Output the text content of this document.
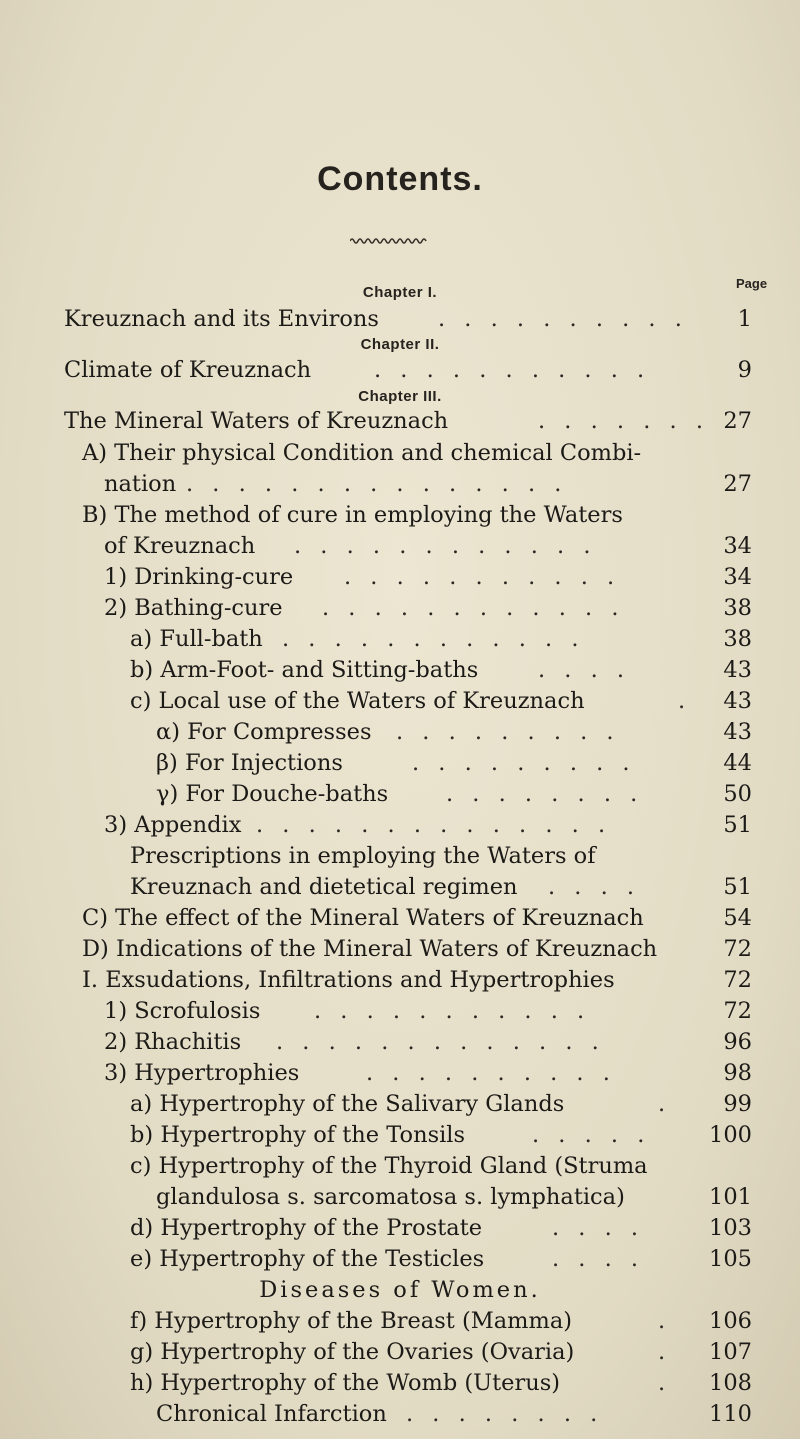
Contents.
Page
Chapter I.
Kreuznach and its Environs	. . . . . . . . . .	1
Chapter II.
Climate of Kreuznach	. . . . . . . . . . .	9
Chapter III.
The Mineral Waters of Kreuznach	. . . . . . . 27
A) Their physical Condition and chemical Combi-
nation . . . . . . . . . . . . . . .	27
B) The method of cure in employing the Waters
of Kreuznach . . . . . . . . . . . .	34
1) Drinking-cure . . . . . . . . . . .	34
2) Bathing-cure . . . . . . . . . . . .	38
a) Full-bath . . . . . . . . . . . .	38
b) Arm-Foot- and Sitting-baths	. . . .	43
c) Local use of the Waters of Kreuznach	.	43
α) For Compresses . . . . . . . . .	43
β) For Injections	. . . . . . . . .	44
γ) For Douche-baths	. . . . . . . .	50
3) Appendix . . . . . . . . . . . . . .	51
Prescriptions in employing the Waters of
Kreuznach and dietetical regimen . . . .	51
C) The effect of the Mineral Waters of Kreuznach	54
D) Indications of the Mineral Waters of Kreuznach	72
I. Exsudations, Infiltrations and Hypertrophies	72
1) Scrofulosis . . . . . . . . . . .	72
2) Rhachitis . . . . . . . . . . . . .	96
3) Hypertrophies	. . . . . . . . . .	98
a) Hypertrophy of the Salivary Glands	.	99
b) Hypertrophy of the Tonsils	. . . . .	100
c) Hypertrophy of the Thyroid Gland (Struma
glandulosa s. sarcomatosa s. lymphatica)	101
d) Hypertrophy of the Prostate	. . . .	103
e) Hypertrophy of the Testicles	. . . .	105
Diseases of Women.
f) Hypertrophy of the Breast (Mamma)	.	106
g) Hypertrophy of the Ovaries (Ovaria)	.	107
h) Hypertrophy of the Womb (Uterus)	.	108
Chronical Infarction . . . . . . . .	110
